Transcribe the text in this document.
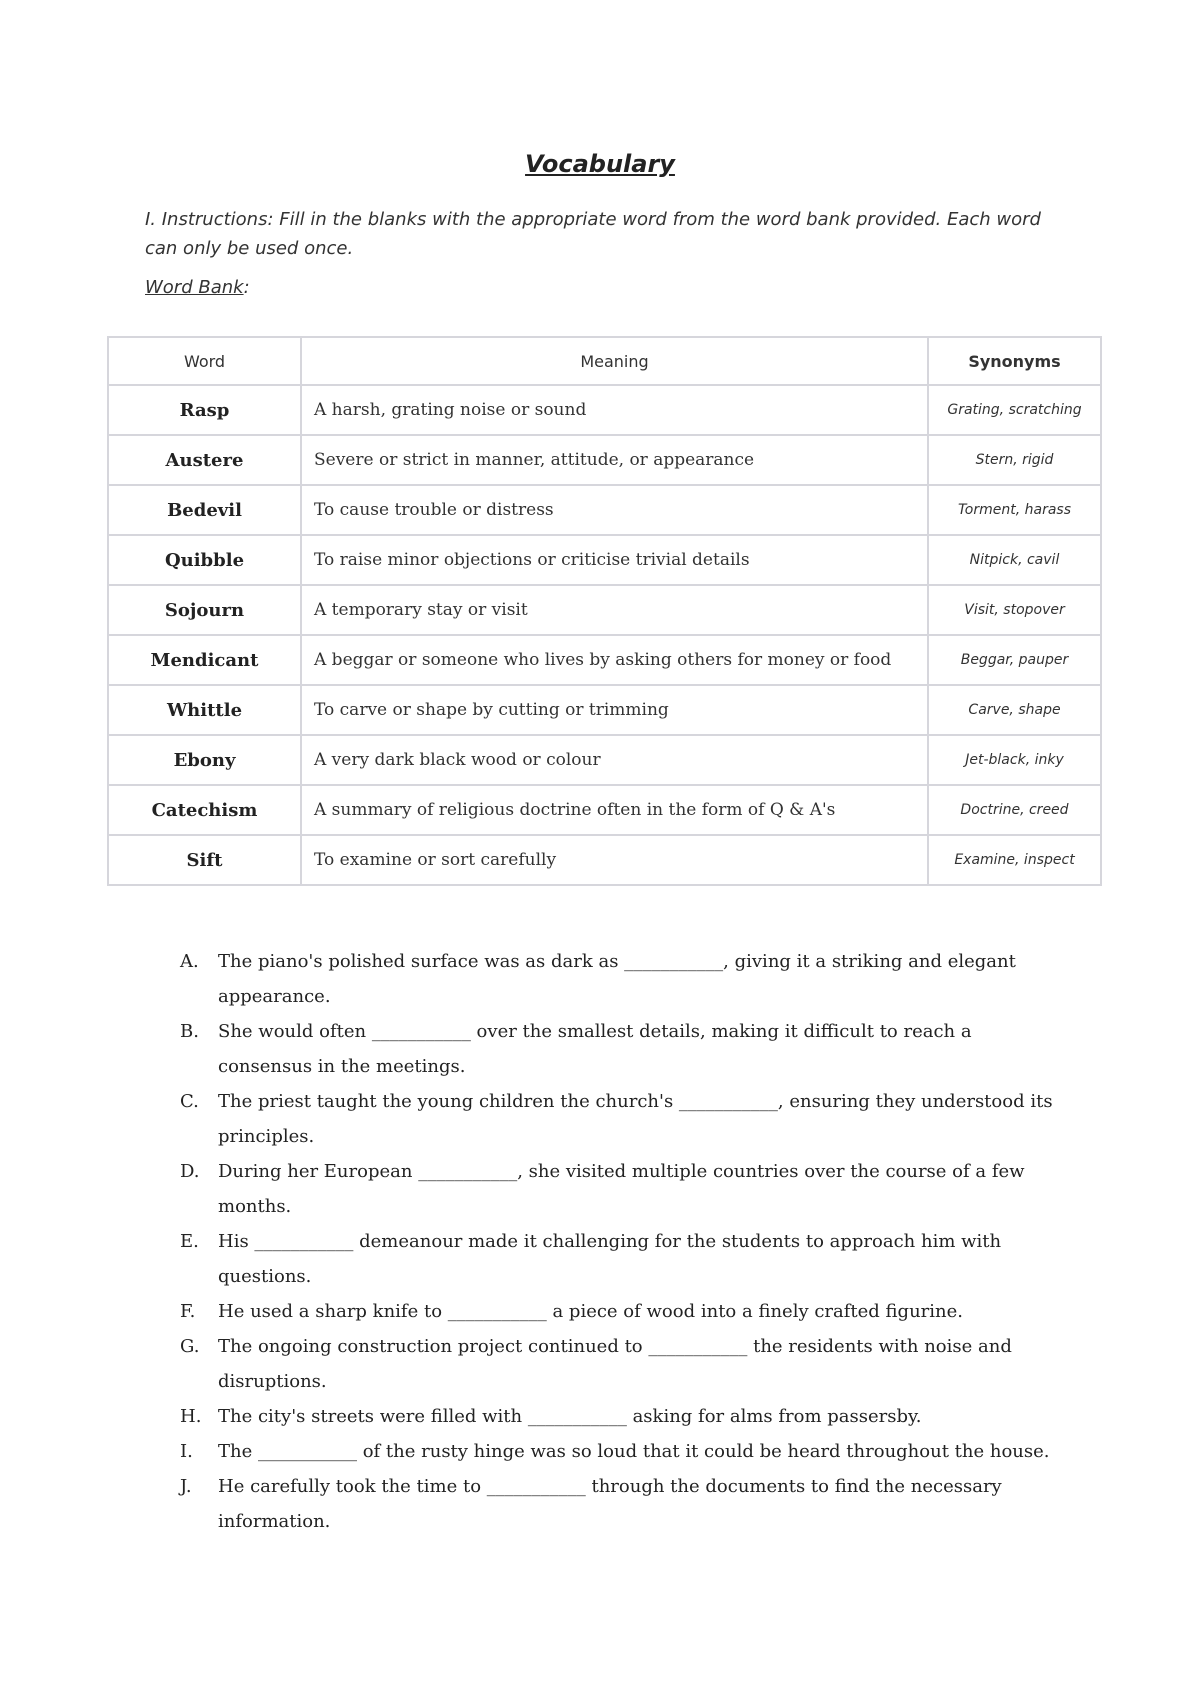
Vocabulary
I. Instructions: Fill in the blanks with the appropriate word from the word bank provided. Each word can only be used once.
Word Bank:
Word	Meaning	Synonyms
Rasp	A harsh, grating noise or sound	Grating, scratching
Austere	Severe or strict in manner, attitude, or appearance	Stern, rigid
Bedevil	To cause trouble or distress	Torment, harass
Quibble	To raise minor objections or criticise trivial details	Nitpick, cavil
Sojourn	A temporary stay or visit	Visit, stopover
Mendicant	A beggar or someone who lives by asking others for money or food	Beggar, pauper
Whittle	To carve or shape by cutting or trimming	Carve, shape
Ebony	A very dark black wood or colour	Jet-black, inky
Catechism	A summary of religious doctrine often in the form of Q & A's	Doctrine, creed
Sift	To examine or sort carefully	Examine, inspect
A. The piano's polished surface was as dark as ___________, giving it a striking and elegant appearance.
B. She would often ___________ over the smallest details, making it difficult to reach a consensus in the meetings.
C. The priest taught the young children the church's ___________, ensuring they understood its principles.
D. During her European ___________, she visited multiple countries over the course of a few months.
E. His ___________ demeanour made it challenging for the students to approach him with questions.
F. He used a sharp knife to ___________ a piece of wood into a finely crafted figurine.
G. The ongoing construction project continued to ___________ the residents with noise and disruptions.
H. The city's streets were filled with ___________ asking for alms from passersby.
I. The ___________ of the rusty hinge was so loud that it could be heard throughout the house.
J. He carefully took the time to ___________ through the documents to find the necessary information.
